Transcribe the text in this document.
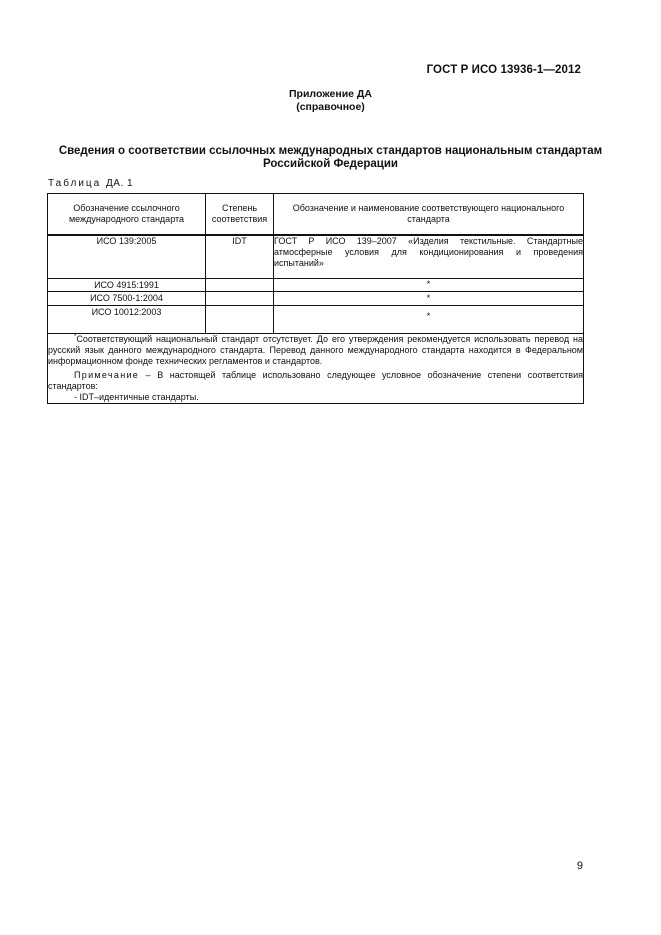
ГОСТ Р ИСО 13936-1—2012
Приложение ДА
(справочное)
Сведения о соответствии ссылочных международных стандартов национальным стандартам Российской Федерации
Таблица ДА. 1
Обозначение ссылочного международного стандарта	Степень соответствия	Обозначение и наименование соответствующего национального стандарта
ИСО 139:2005	IDT	ГОСТ Р ИСО 139–2007 «Изделия текстильные. Стандартные атмосферные условия для кондиционирования и проведения испытаний»
ИСО 4915:1991		*

ИСО 7500-1:2004		*

ИСО 10012:2003		*

*Соответствующий национальный стандарт отсутствует. До его утверждения рекомендуется использовать перевод на русский язык данного международного стандарта. Перевод данного международного стандарта находится в Федеральном информационном фонде технических регламентов и стандартов.

Примечание – В настоящей таблице использовано следующее условное обозначение степени соответствия стандартов:

- IDT–идентичные стандарты.		

9
